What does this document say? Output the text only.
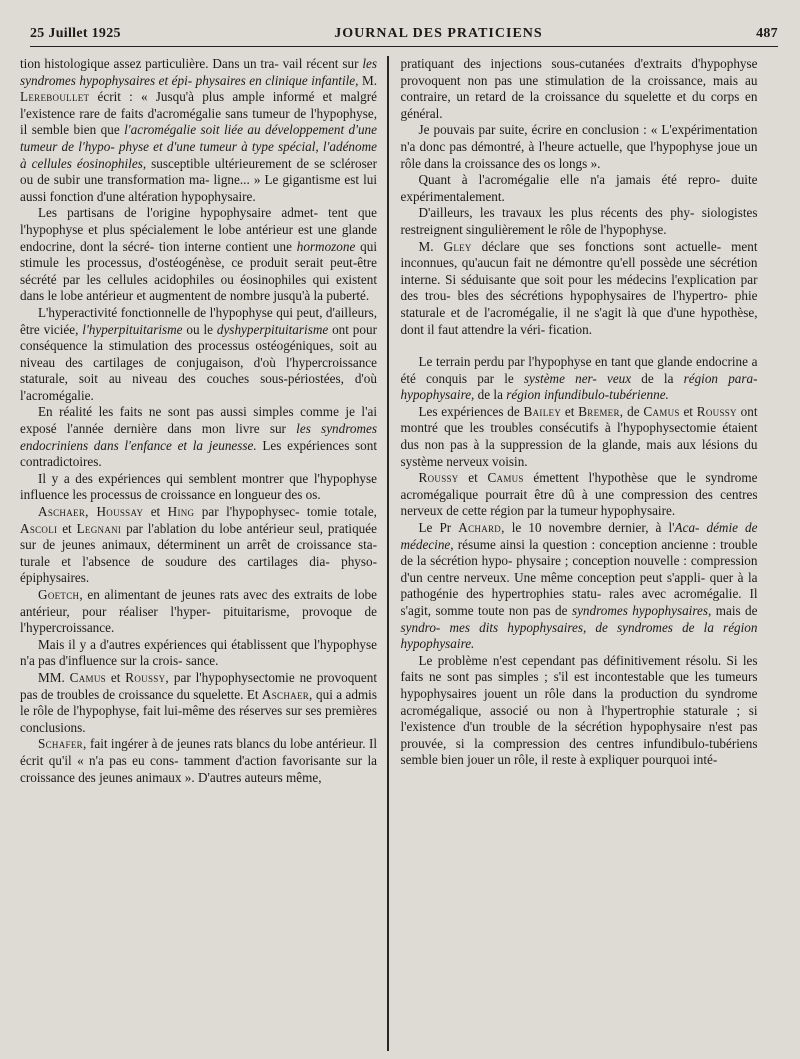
25 Juillet 1925	JOURNAL DES PRATICIENS	487

tion histologique assez particulière. Dans un tra- vail récent sur les syndromes hypophysaires et épi- physaires en clinique infantile, M. Lereboullet écrit : « Jusqu'à plus ample informé et malgré l'existence rare de faits d'acromégalie sans tumeur de l'hypophyse, il semble bien que l'acromégalie soit liée au développement d'une tumeur de l'hypo- physe et d'une tumeur à type spécial, l'adénome à cellules éosinophiles, susceptible ultérieurement de se scléroser ou de subir une transformation ma- ligne... » Le gigantisme est lui aussi fonction d'une altération hypophysaire.

Les partisans de l'origine hypophysaire admet- tent que l'hypophyse et plus spécialement le lobe antérieur est une glande endocrine, dont la sécré- tion interne contient une hormozone qui stimule les processus, d'ostéogénèse, ce produit serait peut-être sécrété par les cellules acidophiles ou éosinophiles qui existent dans le lobe antérieur et augmentent de nombre jusqu'à la puberté.

L'hyperactivité fonctionnelle de l'hypophyse qui peut, d'ailleurs, être viciée, l'hyperpituitarisme ou le dyshyperpituitarisme ont pour conséquence la stimulation des processus ostéogéniques, soit au niveau des cartilages de conjugaison, d'où l'hypercroissance staturale, soit au niveau des couches sous-périostées, d'où l'acromégalie.

En réalité les faits ne sont pas aussi simples comme je l'ai exposé l'année dernière dans mon livre sur les syndromes endocriniens dans l'enfance et la jeunesse. Les expériences sont contradictoires.

Il y a des expériences qui semblent montrer que l'hypophyse influence les processus de croissance en longueur des os.

Aschaer, Houssay et Hing par l'hypophysec- tomie totale, Ascoli et Legnani par l'ablation du lobe antérieur seul, pratiquée sur de jeunes animaux, déterminent un arrêt de croissance sta- turale et l'absence de soudure des cartilages dia- physo-épiphysaires.

Goetch, en alimentant de jeunes rats avec des extraits de lobe antérieur, pour réaliser l'hyper- pituitarisme, provoque de l'hypercroissance.

Mais il y a d'autres expériences qui établissent que l'hypophyse n'a pas d'influence sur la crois- sance.

MM. Camus et Roussy, par l'hypophysectomie ne provoquent pas de troubles de croissance du squelette. Et Aschaer, qui a admis le rôle de l'hypophyse, fait lui-même des réserves sur ses premières conclusions.

Schafer, fait ingérer à de jeunes rats blancs du lobe antérieur. Il écrit qu'il « n'a pas eu cons- tamment d'action favorisante sur la croissance des jeunes animaux ». D'autres auteurs même,

pratiquant des injections sous-cutanées d'extraits d'hypophyse provoquent non pas une stimulation de la croissance, mais au contraire, un retard de la croissance du squelette et du corps en général.

Je pouvais par suite, écrire en conclusion : « L'expérimentation n'a donc pas démontré, à l'heure actuelle, que l'hypophyse joue un rôle dans la croissance des os longs ».

Quant à l'acromégalie elle n'a jamais été repro- duite expérimentalement.

D'ailleurs, les travaux les plus récents des phy- siologistes restreignent singulièrement le rôle de l'hypophyse.

M. Gley déclare que ses fonctions sont actuelle- ment inconnues, qu'aucun fait ne démontre qu'ell possède une sécrétion interne. Si séduisante que soit pour les médecins l'explication par des trou- bles des sécrétions hypophysaires de l'hypertro- phie staturale et de l'acromégalie, il ne s'agit là que d'une hypothèse, dont il faut attendre la véri- fication.

Le terrain perdu par l'hypophyse en tant que glande endocrine a été conquis par le système ner- veux de la région para-hypophysaire, de la région infundibulo-tubérienne.

Les expériences de Bailey et Bremer, de Camus et Roussy ont montré que les troubles consécutifs à l'hypophysectomie étaient dus non pas à la suppression de la glande, mais aux lésions du système nerveux voisin.

Roussy et Camus émettent l'hypothèse que le syndrome acromégalique pourrait être dû à une compression des centres nerveux de cette région par la tumeur hypophysaire.

Le Pr Achard, le 10 novembre dernier, à l'Aca- démie de médecine, résume ainsi la question : conception ancienne : trouble de la sécrétion hypo- physaire ; conception nouvelle : compression d'un centre nerveux. Une même conception peut s'appli- quer à la pathogénie des hypertrophies statu- rales avec acromégalie. Il s'agit, somme toute non pas de syndromes hypophysaires, mais de syndro- mes dits hypophysaires, de syndromes de la région hypophysaire.

Le problème n'est cependant pas définitivement résolu. Si les faits ne sont pas simples ; s'il est incontestable que les tumeurs hypophysaires jouent un rôle dans la production du syndrome acromégalique, associé ou non à l'hypertrophie staturale ; si l'existence d'un trouble de la sécrétion hypophysaire n'est pas prouvée, si la compression des centres infundibulo-tubériens semble bien jouer un rôle, il reste à expliquer pourquoi inté-
